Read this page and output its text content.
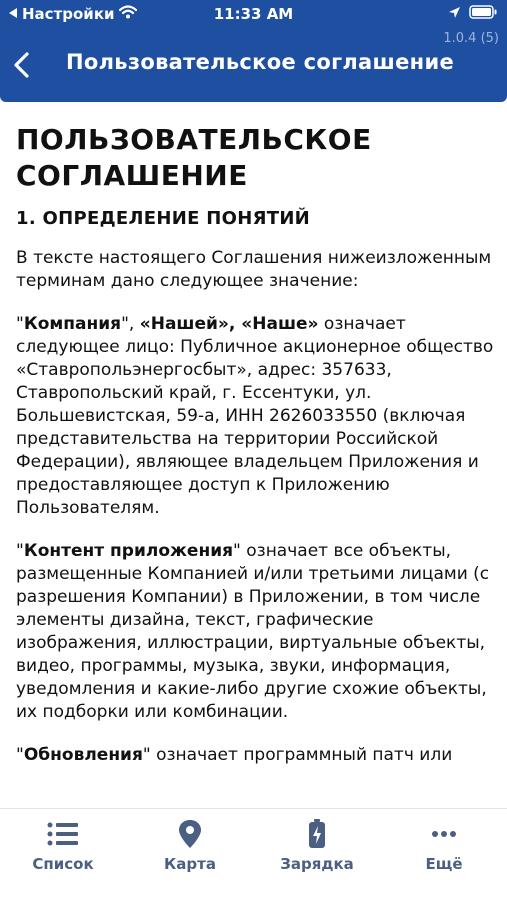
Настройки	11:33 AM
1.0.4 (5)
Пользовательское соглашение
ПОЛЬЗОВАТЕЛЬСКОЕ СОГЛАШЕНИЕ
1. ОПРЕДЕЛЕНИЕ ПОНЯТИЙ
В тексте настоящего Соглашения нижеизложенным терминам дано следующее значение:
"Компания", «Нашей», «Наше» означает следующее лицо: Публичное акционерное общество «Ставропольэнергосбыт», адрес: 357633, Ставропольский край, г. Ессентуки, ул. Большевистская, 59-а, ИНН 2626033550 (включая представительства на территории Российской Федерации), являющее владельцем Приложения и предоставляющее доступ к Приложению Пользователям.
"Контент приложения" означает все объекты, размещенные Компанией и/или третьими лицами (с разрешения Компании) в Приложении, в том числе элементы дизайна, текст, графические изображения, иллюстрации, виртуальные объекты, видео, программы, музыка, звуки, информация, уведомления и какие-либо другие схожие объекты, их подборки или комбинации.
"Обновления" означает программный патч или
Список	Карта	Зарядка	Ещё
